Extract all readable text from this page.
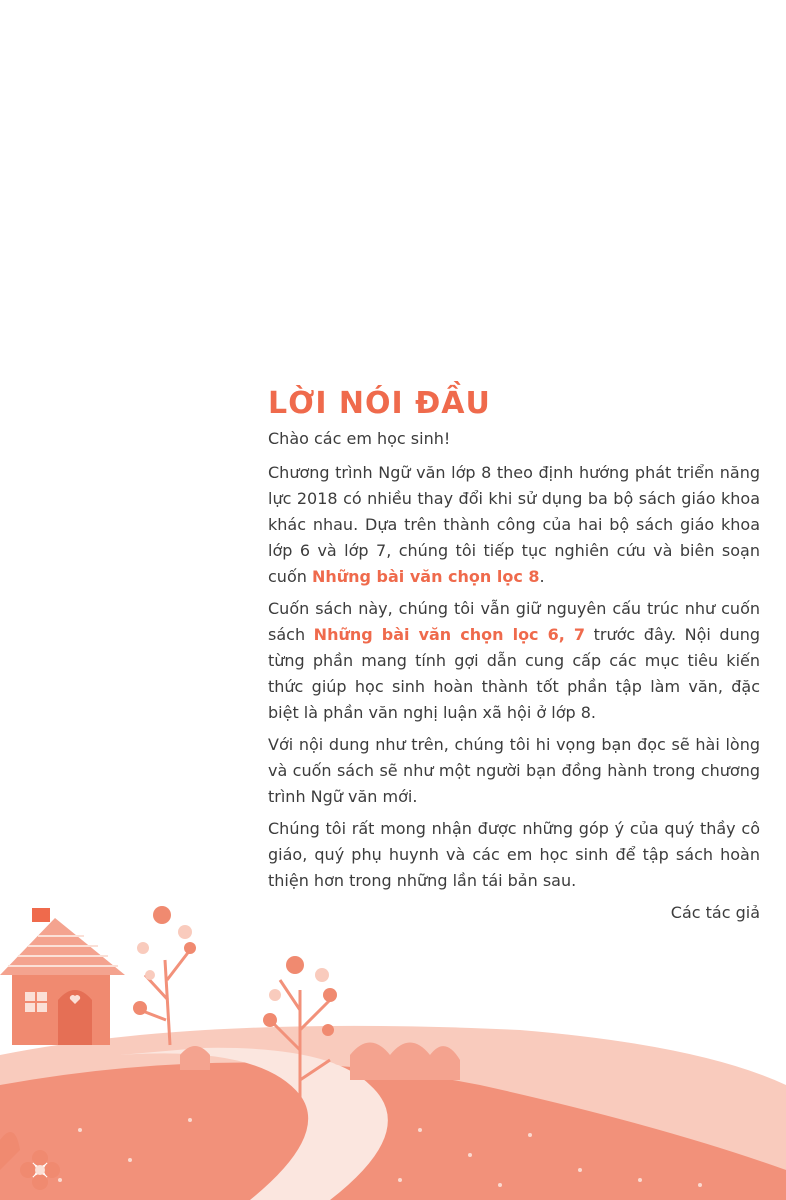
LỜI NÓI ĐẦU

Chào các em học sinh!

Chương trình Ngữ văn lớp 8 theo định hướng phát triển năng lực 2018 có nhiều thay đổi khi sử dụng ba bộ sách giáo khoa khác nhau. Dựa trên thành công của hai bộ sách giáo khoa lớp 6 và lớp 7, chúng tôi tiếp tục nghiên cứu và biên soạn cuốn Những bài văn chọn lọc 8.

Cuốn sách này, chúng tôi vẫn giữ nguyên cấu trúc như cuốn sách Những bài văn chọn lọc 6, 7 trước đây. Nội dung từng phần mang tính gợi dẫn cung cấp các mục tiêu kiến thức giúp học sinh hoàn thành tốt phần tập làm văn, đặc biệt là phần văn nghị luận xã hội ở lớp 8.

Với nội dung như trên, chúng tôi hi vọng bạn đọc sẽ hài lòng và cuốn sách sẽ như một người bạn đồng hành trong chương trình Ngữ văn mới.

Chúng tôi rất mong nhận được những góp ý của quý thầy cô giáo, quý phụ huynh và các em học sinh để tập sách hoàn thiện hơn trong những lần tái bản sau.

Các tác giả
